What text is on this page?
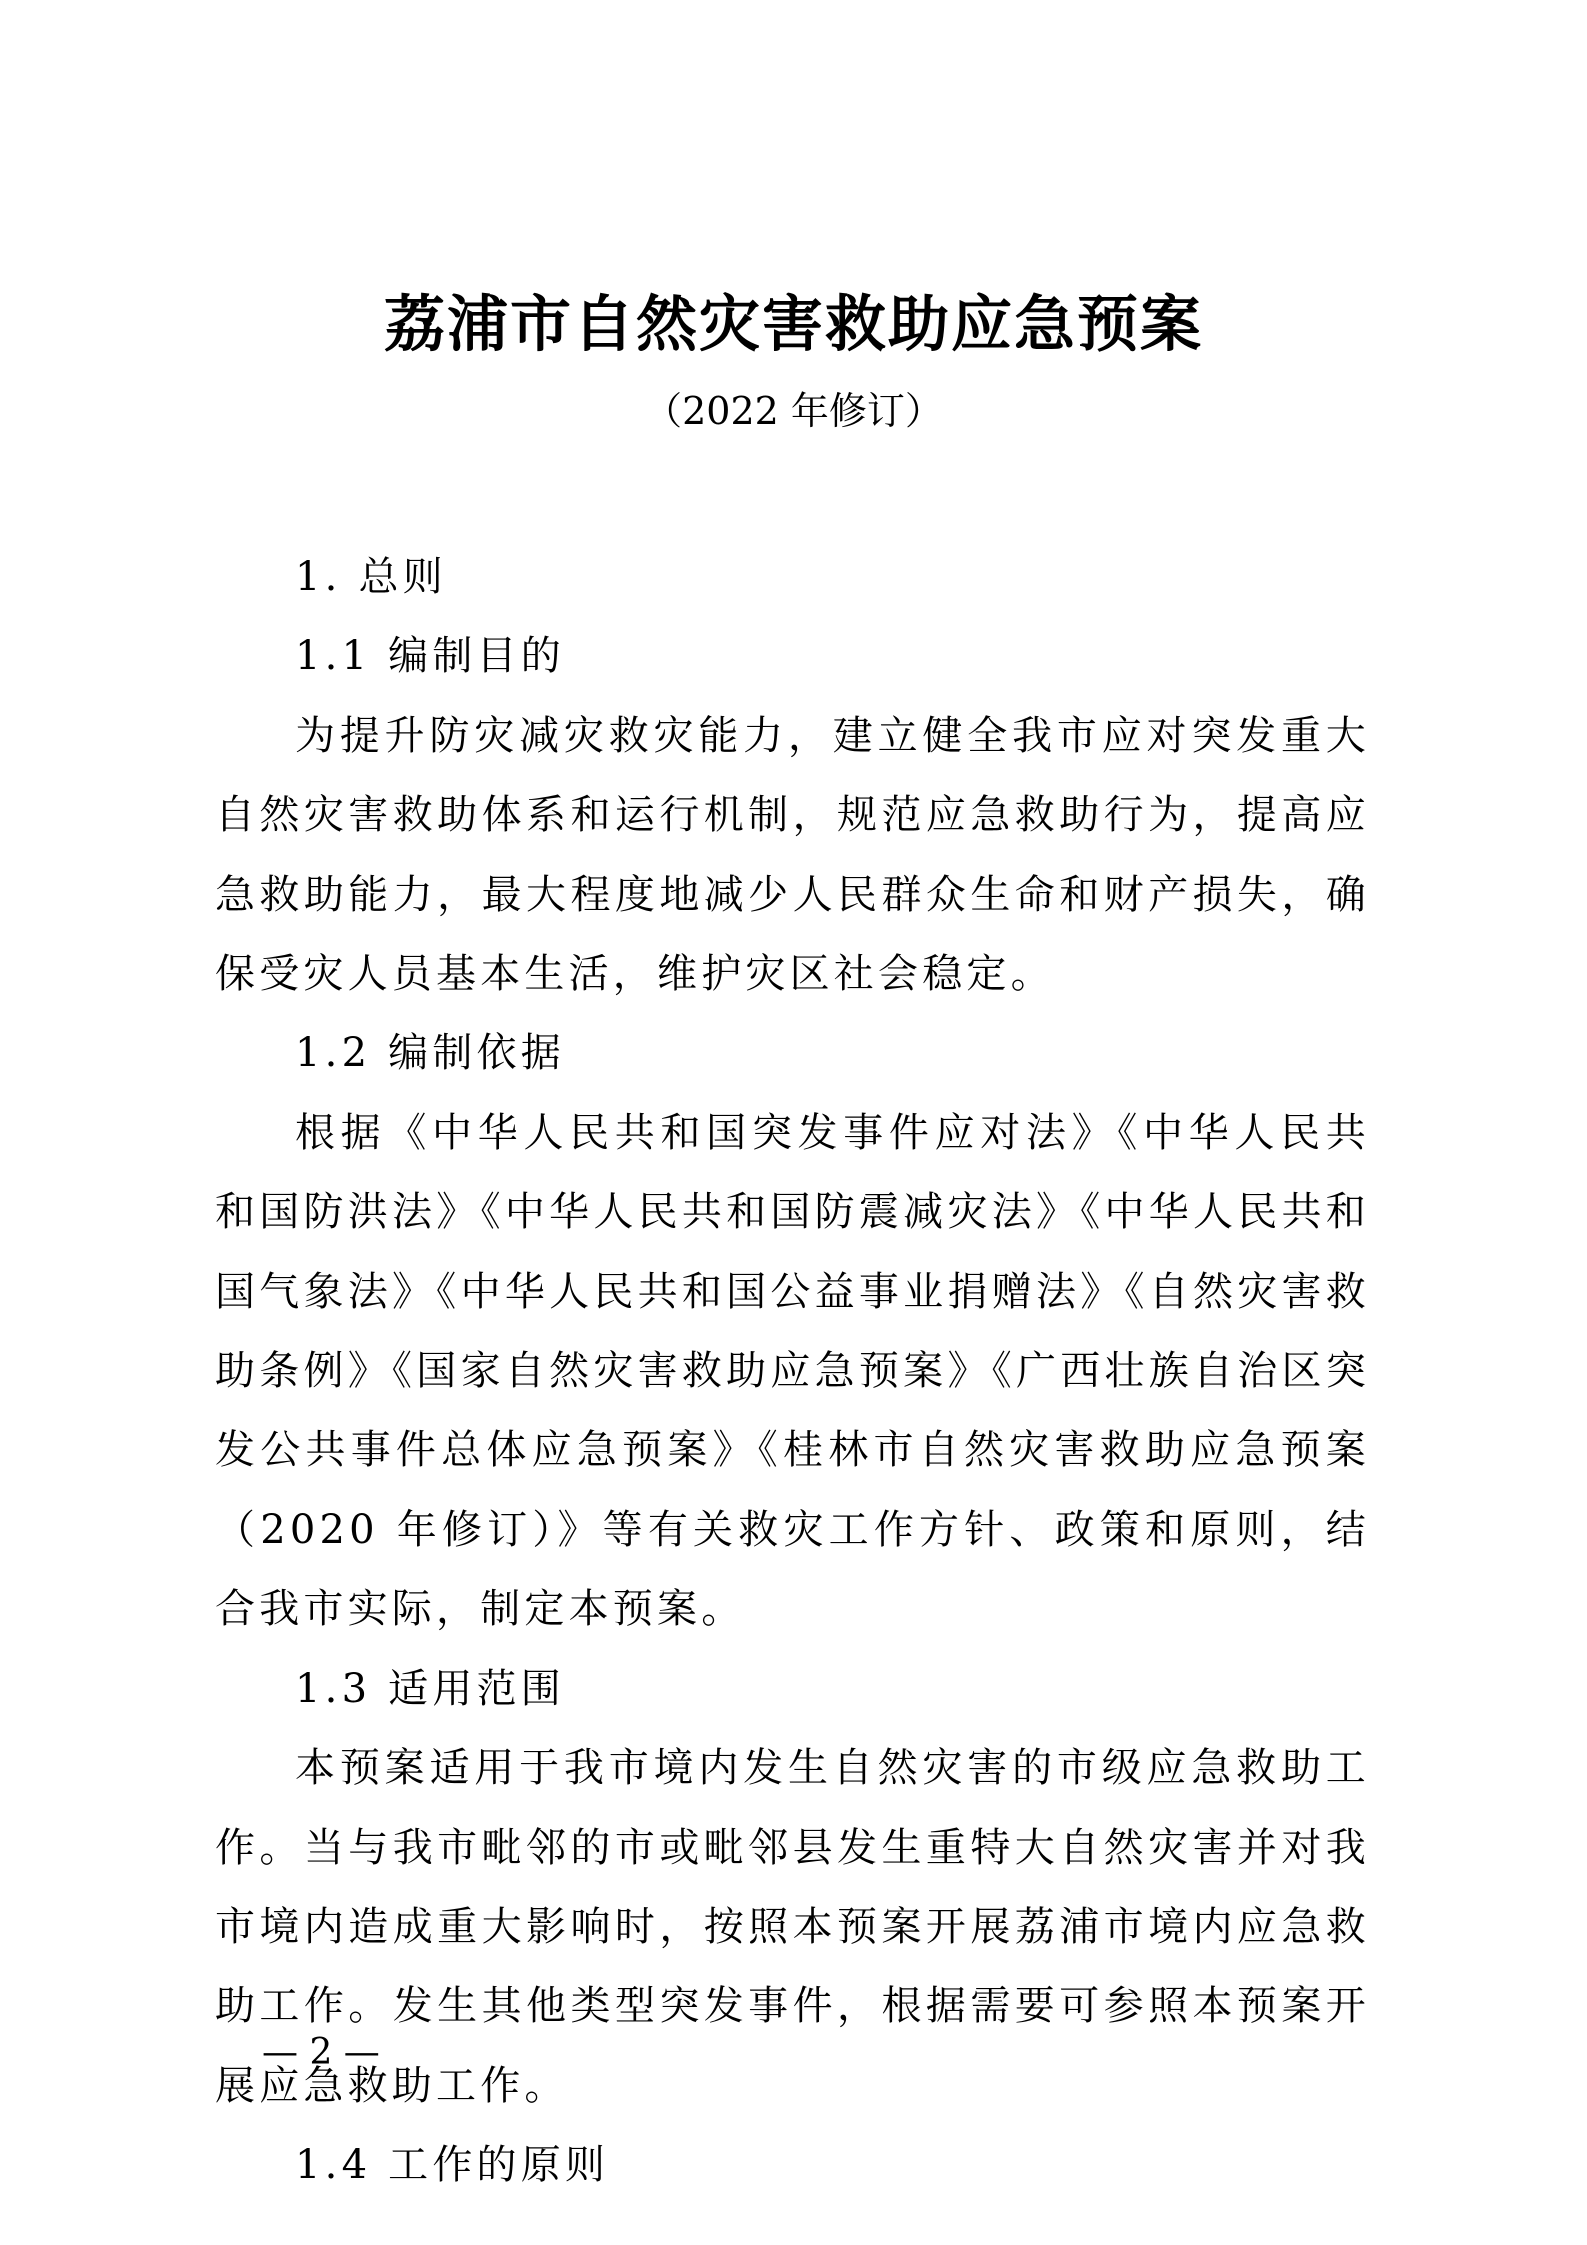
荔浦市自然灾害救助应急预案
（2022 年修订）

1. 总则

1.1 编制目的

为提升防灾减灾救灾能力，建立健全我市应对突发重大自然灾害救助体系和运行机制，规范应急救助行为，提高应急救助能力，最大程度地减少人民群众生命和财产损失，确保受灾人员基本生活，维护灾区社会稳定。

1.2 编制依据

根据《中华人民共和国突发事件应对法》《中华人民共和国防洪法》《中华人民共和国防震减灾法》《中华人民共和国气象法》《中华人民共和国公益事业捐赠法》《自然灾害救助条例》《国家自然灾害救助应急预案》《广西壮族自治区突发公共事件总体应急预案》《桂林市自然灾害救助应急预案（2020 年修订）》等有关救灾工作方针、政策和原则，结合我市实际，制定本预案。

1.3 适用范围

本预案适用于我市境内发生自然灾害的市级应急救助工作。当与我市毗邻的市或毗邻县发生重特大自然灾害并对我市境内造成重大影响时，按照本预案开展荔浦市境内应急救助工作。发生其他类型突发事件，根据需要可参照本预案开展应急救助工作。

1.4 工作的原则

— 2 —
